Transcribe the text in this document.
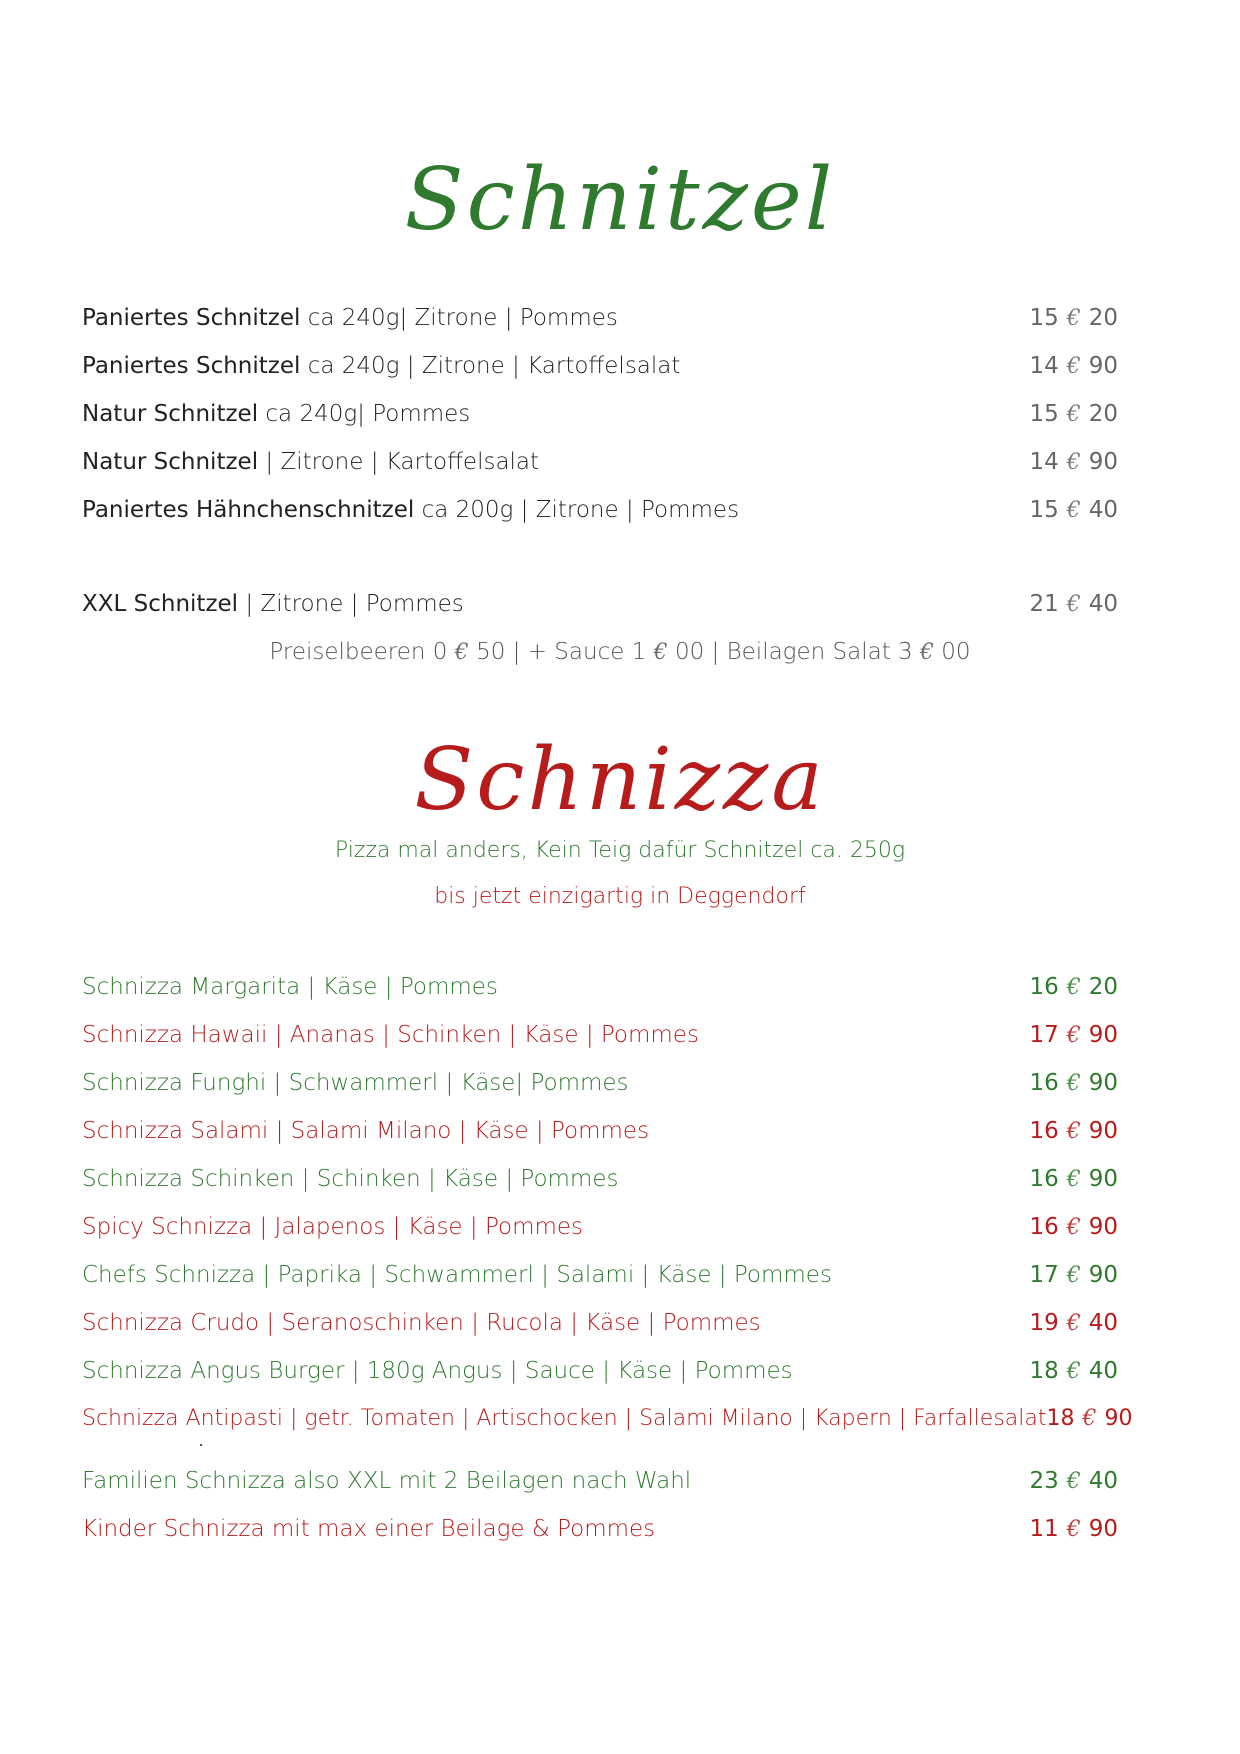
Schnitzel
Paniertes Schnitzel ca 240g| Zitrone | Pommes	15 € 20
Paniertes Schnitzel ca 240g | Zitrone | Kartoffelsalat	14 € 90
Natur Schnitzel ca 240g| Pommes	15 € 20
Natur Schnitzel | Zitrone | Kartoffelsalat	14 € 90
Paniertes Hähnchenschnitzel ca 200g | Zitrone | Pommes	15 € 40
XXL Schnitzel | Zitrone | Pommes	21 € 40
Preiselbeeren 0 € 50 | + Sauce 1 € 00 | Beilagen Salat 3 € 00
Schnizza

Pizza mal anders, Kein Teig dafür Schnitzel ca. 250g

bis jetzt einzigartig in Deggendorf

Schnizza Margarita | Käse | Pommes	16 € 20
Schnizza Hawaii | Ananas | Schinken | Käse | Pommes	17 € 90
Schnizza Funghi | Schwammerl | Käse| Pommes	16 € 90
Schnizza Salami | Salami Milano | Käse | Pommes	16 € 90
Schnizza Schinken | Schinken | Käse | Pommes	16 € 90
Spicy Schnizza | Jalapenos | Käse | Pommes	16 € 90
Chefs Schnizza | Paprika | Schwammerl | Salami | Käse | Pommes	17 € 90
Schnizza Crudo | Seranoschinken | Rucola | Käse | Pommes	19 € 40
Schnizza Angus Burger | 180g Angus | Sauce | Käse | Pommes	18 € 40
Schnizza Antipasti | getr. Tomaten | Artischocken | Salami Milano | Kapern | Farfallesalat 18 € 90
Familien Schnizza also XXL mit 2 Beilagen nach Wahl	23 € 40
Kinder Schnizza mit max einer Beilage & Pommes	11 € 90
